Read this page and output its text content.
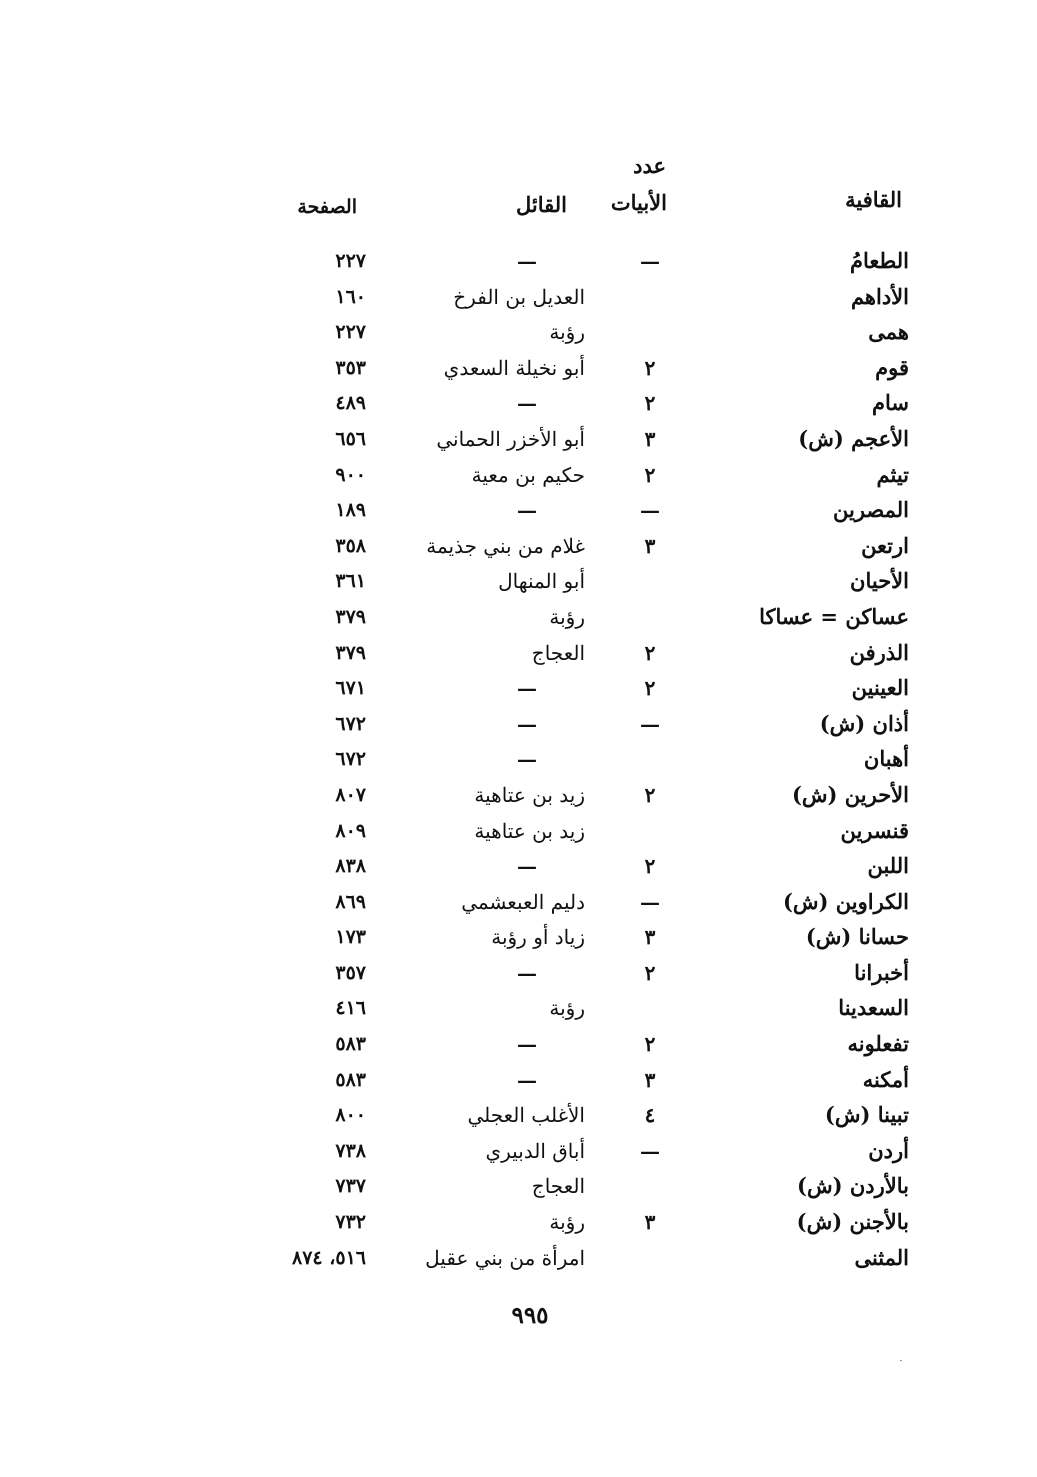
القافية
عدد
الأبيات
القائل
الصفحة
الطعامُ
—
—
٢٢٧
الأداهم
العديل بن الفرخ
١٦٠
همى
رؤبة
٢٢٧
قوم
٢
أبو نخيلة السعدي
٣٥٣
سام
٢
—
٤٨٩
الأعجم (ش)
٣
أبو الأخزر الحماني
٦٥٦
تيثم
٢
حكيم بن معية
٩٠٠
المصرين
—
—
١٨٩
ارتعن
٣
غلام من بني جذيمة
٣٥٨
الأحيان
أبو المنهال
٣٦١
عساكن = عساكا
رؤبة
٣٧٩
الذرفن
٢
العجاج
٣٧٩
العينين
٢
—
٦٧١
أذان (ش)
—
—
٦٧٢
أهبان
—
٦٧٢
الأحرين (ش)
٢
زيد بن عتاهية
٨٠٧
قنسرين
زيد بن عتاهية
٨٠٩
اللبن
٢
—
٨٣٨
الكراوين (ش)
—
دليم العبعشمي
٨٦٩
حسانا (ش)
٣
زياد أو رؤبة
١٧٣
أخبرانا
٢
—
٣٥٧
السعدينا
رؤبة
٤١٦
تفعلونه
٢
—
٥٨٣
أمكنه
٣
—
٥٨٣
تبينا (ش)
٤
الأغلب العجلي
٨٠٠
أردن
—
أباق الدبيري
٧٣٨
بالأردن (ش)
العجاج
٧٣٧
بالأجنن (ش)
٣
رؤبة
٧٣٢
المثنى
امرأة من بني عقيل
٥١٦، ٨٧٤
٩٩٥
